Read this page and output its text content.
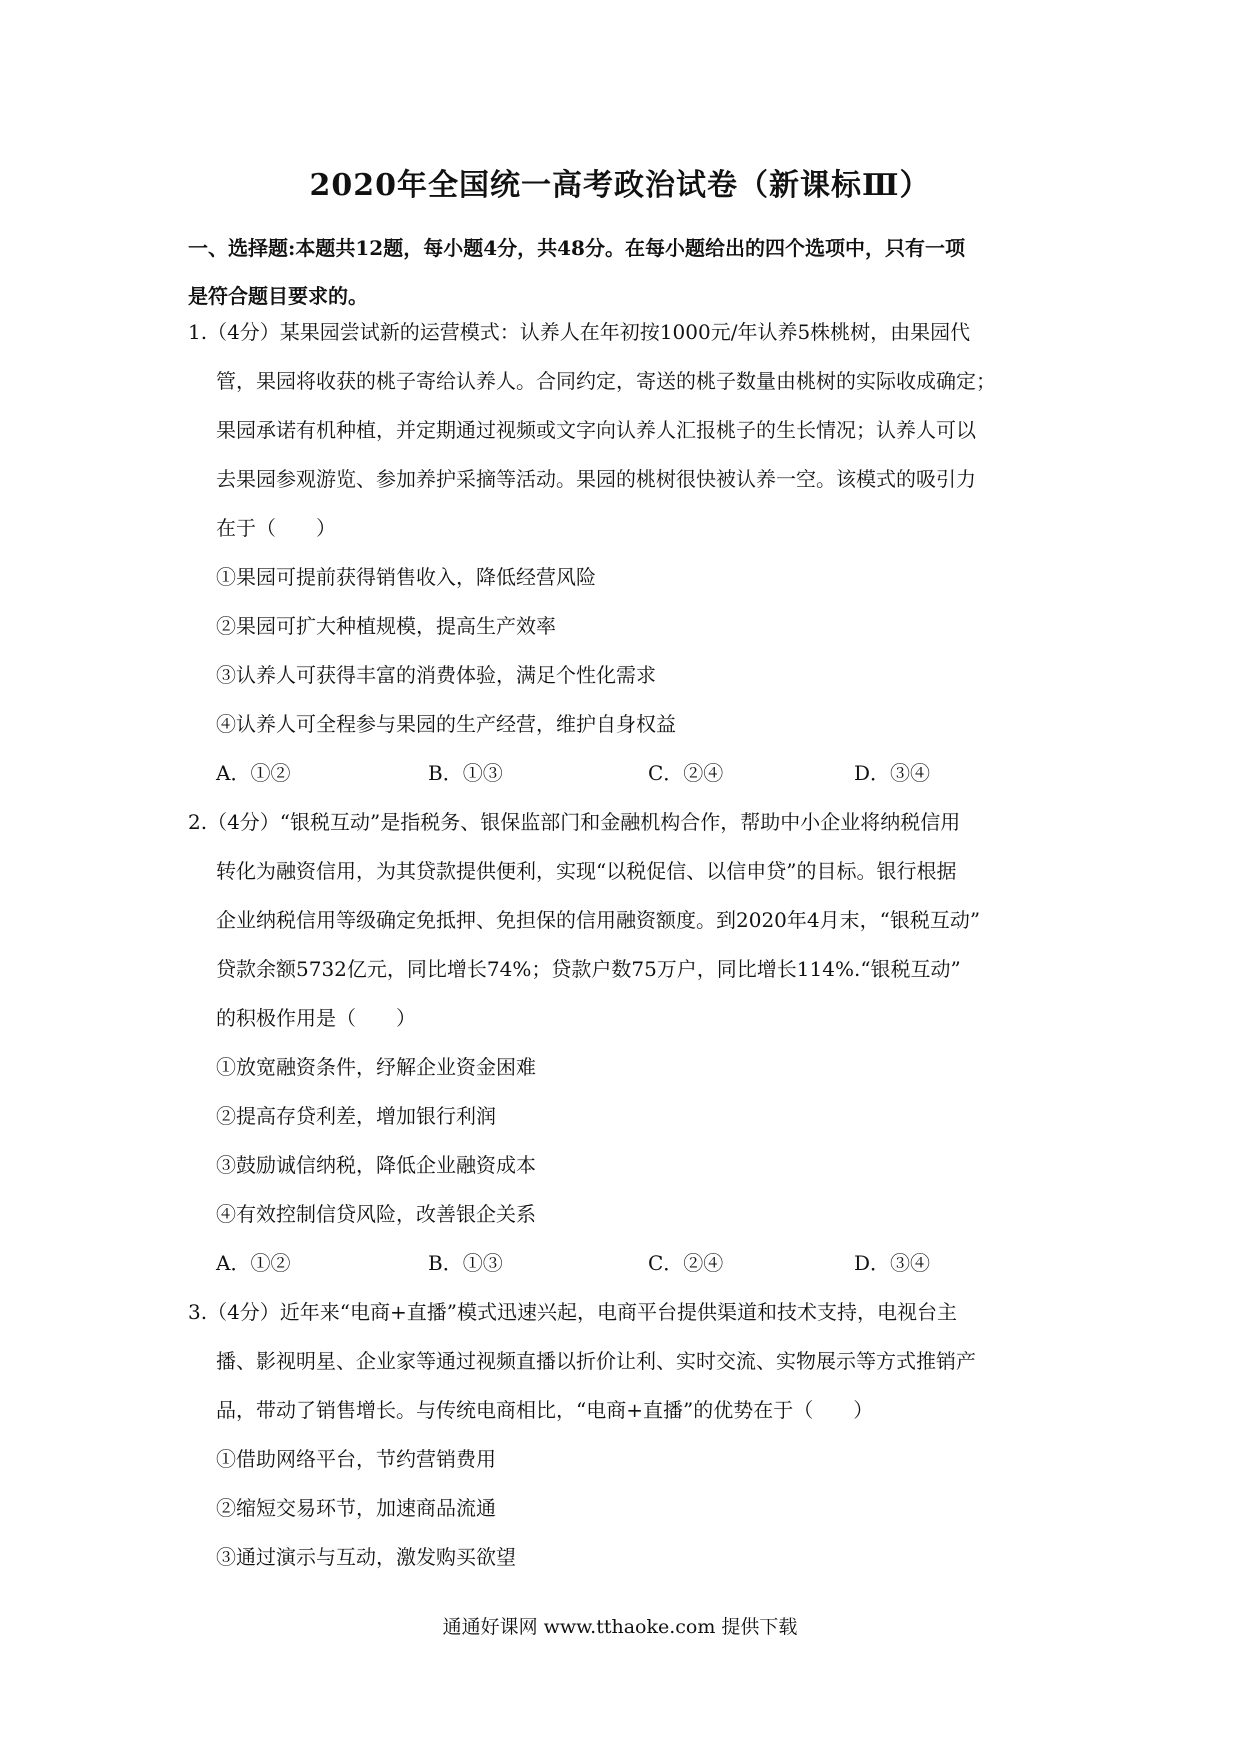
2020年全国统一高考政治试卷（新课标Ⅲ）
一、选择题:本题共12题，每小题4分，共48分。在每小题给出的四个选项中，只有一项
是符合题目要求的。
1.（4分）某果园尝试新的运营模式：认养人在年初按1000元/年认养5株桃树，由果园代
管，果园将收获的桃子寄给认养人。合同约定，寄送的桃子数量由桃树的实际收成确定；
果园承诺有机种植，并定期通过视频或文字向认养人汇报桃子的生长情况；认养人可以
去果园参观游览、参加养护采摘等活动。果园的桃树很快被认养一空。该模式的吸引力
在于（　　）
①果园可提前获得销售收入，降低经营风险
②果园可扩大种植规模，提高生产效率
③认养人可获得丰富的消费体验，满足个性化需求
④认养人可全程参与果园的生产经营，维护自身权益
A．①②	B．①③	C．②④	D．③④
2.（4分）“银税互动”是指税务、银保监部门和金融机构合作，帮助中小企业将纳税信用
转化为融资信用，为其贷款提供便利，实现“以税促信、以信申贷”的目标。银行根据
企业纳税信用等级确定免抵押、免担保的信用融资额度。到2020年4月末，“银税互动”
贷款余额5732亿元，同比增长74%；贷款户数75万户，同比增长114%.“银税互动”
的积极作用是（　　）
①放宽融资条件，纾解企业资金困难
②提高存贷利差，增加银行利润
③鼓励诚信纳税，降低企业融资成本
④有效控制信贷风险，改善银企关系
A．①②	B．①③	C．②④	D．③④
3.（4分）近年来“电商+直播”模式迅速兴起，电商平台提供渠道和技术支持，电视台主
播、影视明星、企业家等通过视频直播以折价让利、实时交流、实物展示等方式推销产
品，带动了销售增长。与传统电商相比，“电商+直播”的优势在于（　　）
①借助网络平台，节约营销费用
②缩短交易环节，加速商品流通
③通过演示与互动，激发购买欲望
通通好课网 www.tthaoke.com 提供下载
